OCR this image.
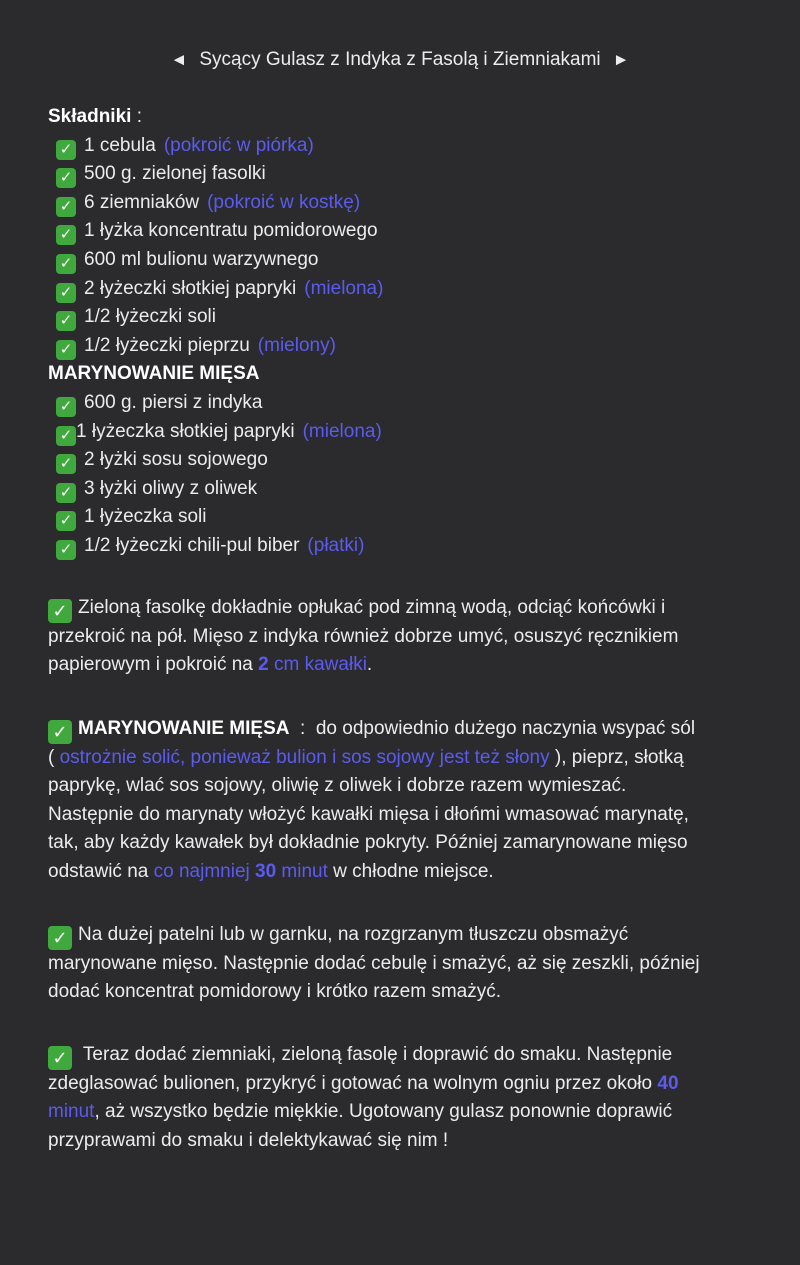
◄ Sycący Gulasz z Indyka z Fasolą i Ziemniakami ►
Składniki :
✓ 1 cebula (pokroić w piórka)
✓ 500 g. zielonej fasolki
✓ 6 ziemniaków (pokroić w kostkę)
✓ 1 łyżka koncentratu pomidorowego
✓ 600 ml bulionu warzywnego
✓ 2 łyżeczki słotkiej papryki (mielona)
✓ 1/2 łyżeczki soli
✓ 1/2 łyżeczki pieprzu (mielony)
MARYNOWANIE MIĘSA
✓ 600 g. piersi z indyka
✓ 1 łyżeczka słotkiej papryki (mielona)
✓ 2 łyżki sosu sojowego
✓ 3 łyżki oliwy z oliwek
✓ 1 łyżeczka soli
✓ 1/2 łyżeczki chili-pul biber (płatki)
✓ Zieloną fasolkę dokładnie opłukać pod zimną wodą, odciąć końcówki i
przekroić na pół. Mięso z indyka również dobrze umyć, osuszyć ręcznikiem
papierowym i pokroić na 2 cm kawałki.
✓ MARYNOWANIE MIĘSA  :  do odpowiednio dużego naczynia wsypać sól
( ostrożnie solić, ponieważ bulion i sos sojowy jest też słony ), pieprz, słotką
paprykę, wlać sos sojowy, oliwię z oliwek i dobrze razem wymieszać.
Następnie do marynaty włożyć kawałki mięsa i dłońmi wmasować marynatę,
tak, aby każdy kawałek był dokładnie pokryty. Później zamarynowane mięso
odstawić na co najmniej 30 minut w chłodne miejsce.
✓ Na dużej patelni lub w garnku, na rozgrzanym tłuszczu obsmażyć
marynowane mięso. Następnie dodać cebulę i smażyć, aż się zeszkli, później
dodać koncentrat pomidorowy i krótko razem smażyć.
✓ Teraz dodać ziemniaki, zieloną fasolę i doprawić do smaku. Następnie
zdeglasować bulionen, przykryć i gotować na wolnym ogniu przez około 40
minut, aż wszystko będzie miękkie. Ugotowany gulasz ponownie doprawić
przyprawami do smaku i delektykawać się nim !
